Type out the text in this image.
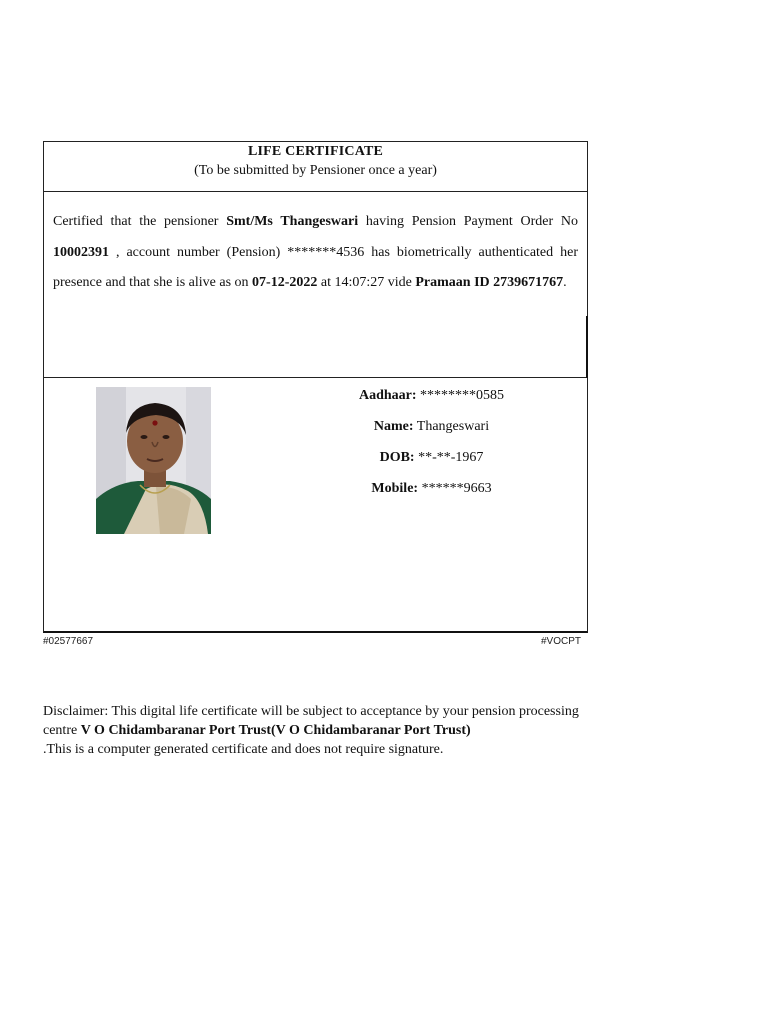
LIFE CERTIFICATE
(To be submitted by Pensioner once a year)
Certified that the pensioner Smt/Ms Thangeswari having Pension Payment Order No 10002391 , account number (Pension) *******4536 has biometrically authenticated her presence and that she is alive as on 07-12-2022 at 14:07:27 vide Pramaan ID 2739671767.
Aadhaar: ********0585
Name: Thangeswari
DOB: **-**-1967
Mobile: ******9663
#02577667	#VOCPT
Disclaimer: This digital life certificate will be subject to acceptance by your pension processing centre V O Chidambaranar Port Trust(V O Chidambaranar Port Trust)
.This is a computer generated certificate and does not require signature.
